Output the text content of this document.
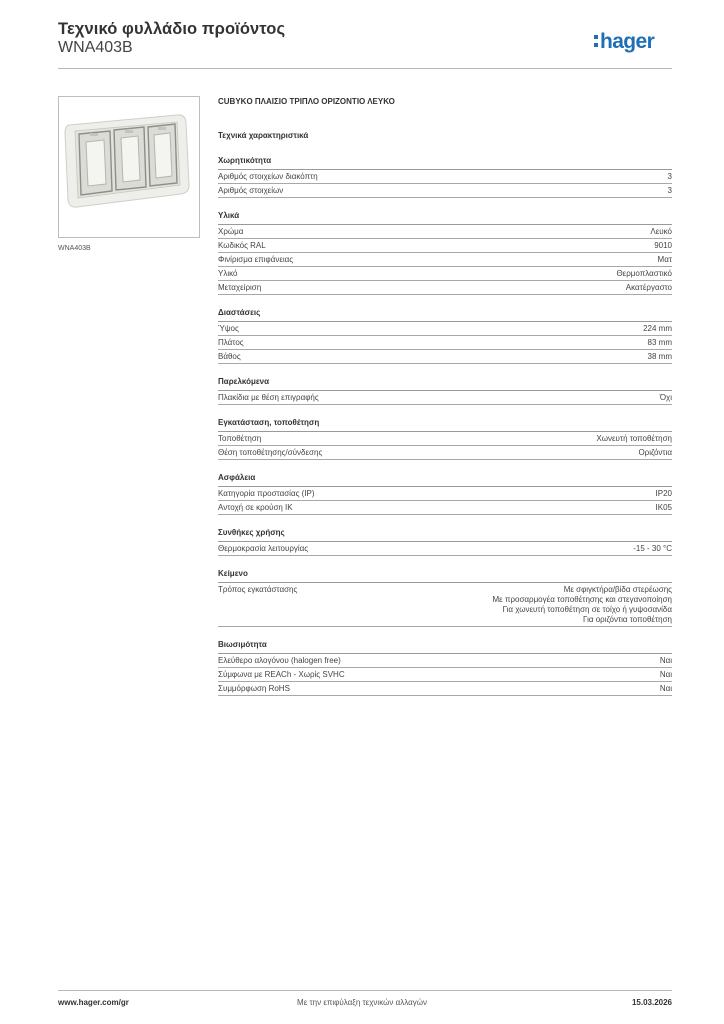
Τεχνικό φυλλάδιο προϊόντος
WNA403B	hager
WNA403B
CUBYKO ΠΛΑΙΣΙΟ ΤΡΙΠΛΟ ΟΡΙΖΟΝΤΙΟ ΛΕΥΚΟ
Τεχνικά χαρακτηριστικά
Χωρητικότητα
Αριθμός στοιχείων διακόπτη	3
Αριθμός στοιχείων	3
Υλικά
Χρώμα	Λευκό
Κωδικός RAL	9010
Φινίρισμα επιφάνειας	Ματ
Υλικό	Θερμοπλαστικό
Μεταχείριση	Ακατέργαστο
Διαστάσεις
Ύψος	224 mm
Πλάτος	83 mm
Βάθος	38 mm
Παρελκόμενα
Πλακίδια με θέση επιγραφής	Όχι
Εγκατάσταση, τοποθέτηση
Τοποθέτηση	Χωνευτή τοποθέτηση
Θέση τοποθέτησης/σύνδεσης	Οριζόντια
Ασφάλεια
Κατηγορία προστασίας (IP)	IP20
Αντοχή σε κρούση IK	IK05
Συνθήκες χρήσης
Θερμοκρασία λειτουργίας	-15 - 30 °C
Κείμενο
Τρόπος εγκατάστασης	Με σφιγκτήρα/βίδα στερέωσης
Με προσαρμογέα τοποθέτησης και στεγανοποίηση
Για χωνευτή τοποθέτηση σε τοίχο ή γυψοσανίδα
Για οριζόντια τοποθέτηση
Βιωσιμότητα
Ελεύθερο αλογόνου (halogen free)	Ναι
Σύμφωνα με REACh - Χωρίς SVHC	Ναι
Συμμόρφωση RoHS	Ναι
www.hager.com/gr	Με την επιφύλαξη τεχνικών αλλαγών	15.03.2026
